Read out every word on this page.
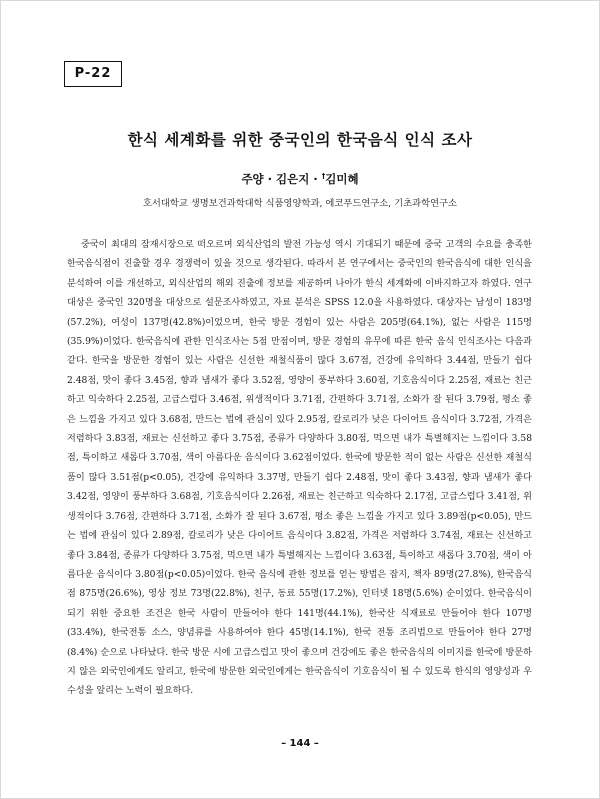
P-22
한식 세계화를 위한 중국인의 한국음식 인식 조사
주양 · 김은지 · †김미혜
호서대학교 생명보건과학대학 식품영양학과, 에코푸드연구소, 기초과학연구소

중국이 최대의 잠재시장으로 떠오르며 외식산업의 발전 가능성 역시 기대되기 때문에 중국 고객의 수요를 충족한 한국음식점이 진출할 경우 경쟁력이 있을 것으로 생각된다. 따라서 본 연구에서는 중국인의 한국음식에 대한 인식을 분석하여 이를 개선하고, 외식산업의 해외 진출에 정보를 제공하며 나아가 한식 세계화에 이바지하고자 하였다. 연구 대상은 중국인 320명을 대상으로 설문조사하였고, 자료 분석은 SPSS 12.0을 사용하였다. 대상자는 남성이 183명(57.2%), 여성이 137명(42.8%)이었으며, 한국 방문 경험이 있는 사람은 205명(64.1%), 없는 사람은 115명(35.9%)이었다. 한국음식에 관한 인식조사는 5점 만점이며, 방문 경험의 유무에 따른 한국 음식 인식조사는 다음과 같다. 한국을 방문한 경험이 있는 사람은 신선한 재철식품이 많다 3.67점, 건강에 유익하다 3.44점, 만들기 쉽다 2.48점, 맛이 좋다 3.45점, 향과 냄새가 좋다 3.52점, 영양이 풍부하다 3.60점, 기호음식이다 2.25점, 재료는 친근하고 익숙하다 2.25점, 고급스럽다 3.46점, 위생적이다 3.71점, 간편하다 3.71점, 소화가 잘 된다 3.79점, 평소 좋은 느낌을 가지고 있다 3.68점, 만드는 법에 관심이 있다 2.95점, 칼로리가 낮은 다이어트 음식이다 3.72점, 가격은 저렴하다 3.83점, 재료는 신선하고 좋다 3.75점, 종류가 다양하다 3.80점, 먹으면 내가 특별해지는 느낌이다 3.58점, 특이하고 새롭다 3.70점, 색이 아름다운 음식이다 3.62점이었다. 한국에 방문한 적이 없는 사람은 신선한 재철식품이 많다 3.51점(p<0.05), 건강에 유익하다 3.37명, 만들기 쉽다 2.48점, 맛이 좋다 3.43점, 향과 냄새가 좋다 3.42점, 영양이 풍부하다 3.68점, 기호음식이다 2.26점, 재료는 친근하고 익숙하다 2.17점, 고급스럽다 3.41점, 위생적이다 3.76점, 간편하다 3.71점, 소화가 잘 된다 3.67점, 평소 좋은 느낌을 가지고 있다 3.89점(p<0.05), 만드는 법에 관심이 있다 2.89점, 칼로리가 낮은 다이어트 음식이다 3.82점, 가격은 저렴하다 3.74점, 재료는 신선하고 좋다 3.84점, 종류가 다양하다 3.75점, 먹으면 내가 특별해지는 느낌이다 3.63점, 특이하고 새롭다 3.70점, 색이 아름다운 음식이다 3.80점(p<0.05)이었다. 한국 음식에 관한 정보를 얻는 방법은 잡지, 책자 89명(27.8%), 한국음식점 875명(26.6%), 영상 정보 73명(22.8%), 친구, 동료 55명(17.2%), 인터넷 18명(5.6%) 순이었다. 한국음식이 되기 위한 중요한 조건은 한국 사람이 만들어야 한다 141명(44.1%), 한국산 식재료로 만들어야 한다 107명(33.4%), 한국전통 소스, 양념류를 사용하여야 한다 45명(14.1%), 한국 전통 조리법으로 만들어야 한다 27명(8.4%) 순으로 나타났다. 한국 방문 시에 고급스럽고 맛이 좋으며 건강에도 좋은 한국음식의 이미지를 한국에 방문하지 않은 외국인에게도 알리고, 한국에 방문한 외국인에게는 한국음식이 기호음식이 될 수 있도록 한식의 영양성과 우수성을 알리는 노력이 필요하다.

– 144 –
